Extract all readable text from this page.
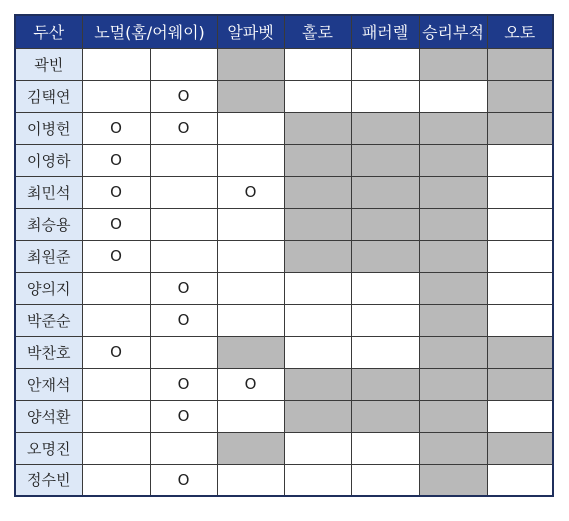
두산	노멀(홈/어웨이)		알파벳	홀로	패러렐	승리부적	오토
곽빈							
김택연		O					
이병헌	O	O					
이영하	O						
최민석	O		O				
최승용	O						
최원준	O						
양의지		O					
박준순		O					
박찬호	O						
안재석		O	O				
양석환		O					
오명진							
정수빈		O					
